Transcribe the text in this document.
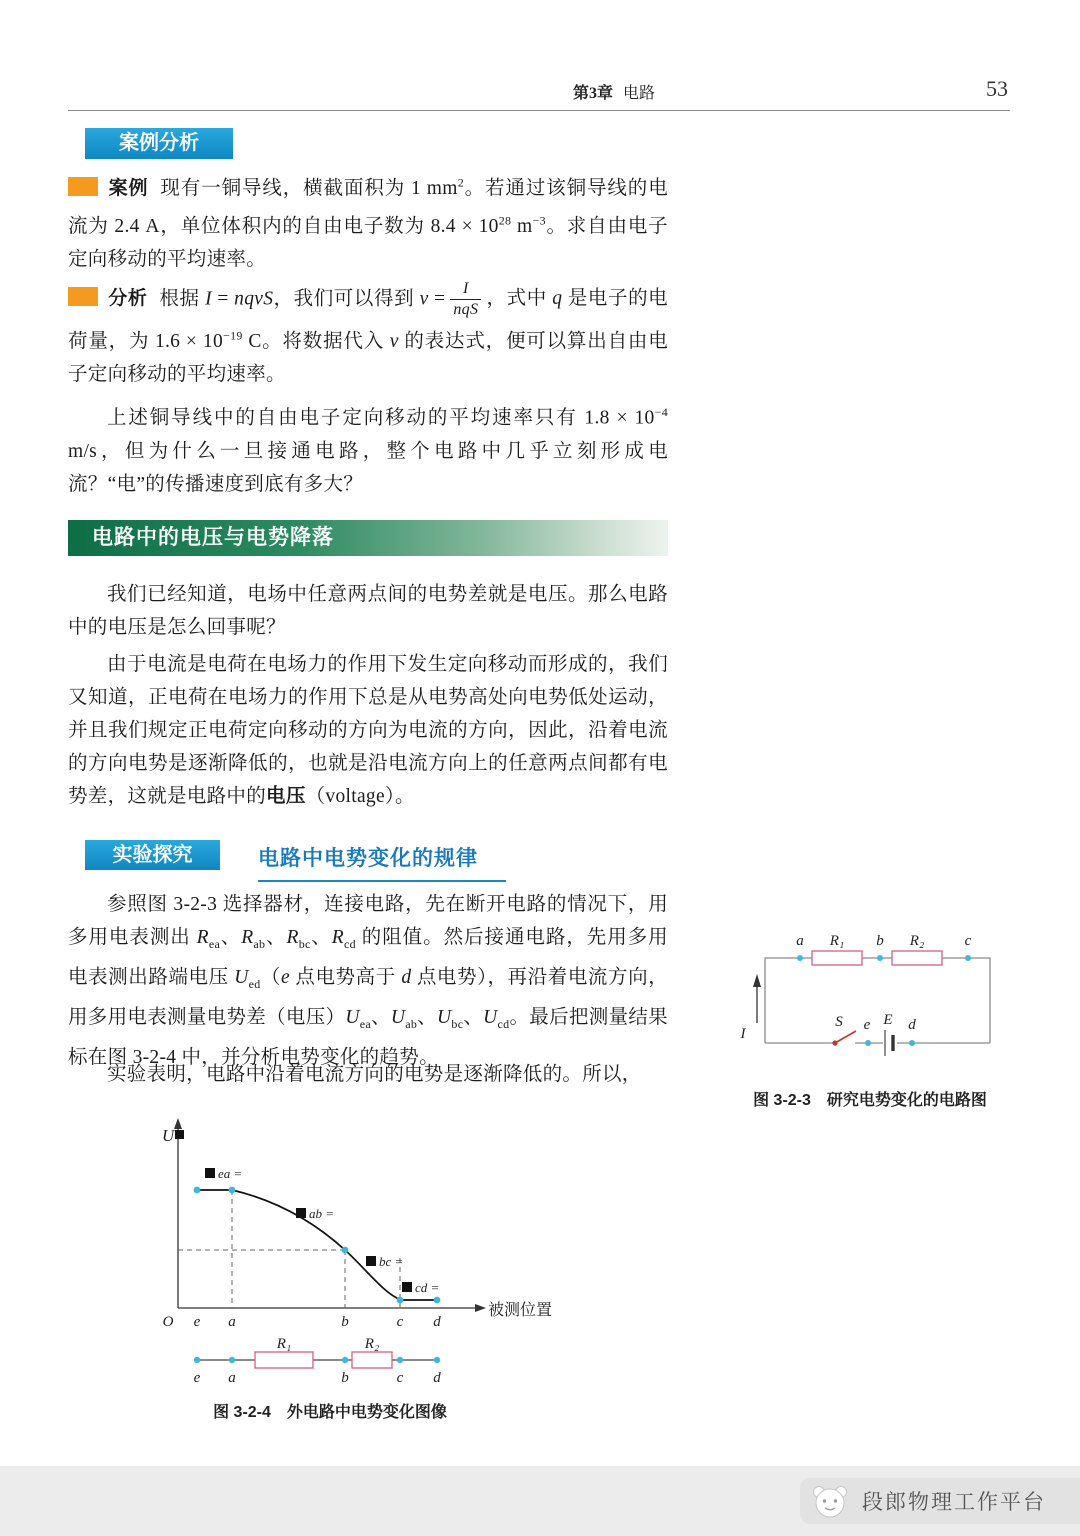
第3章 电路	53
案例分析

案例 现有一铜导线，横截面积为 1 $mm^2$。若通过该铜导线的电流为 2.4 A，单位体积内的自由电子数为 $8.4 \times 10^{28}$ $m^{-3}$。求自由电子定向移动的平均速率。

分析 根据 I = nqvS，我们可以得到 $v = \frac{I}{\text{nqS}}$ ，式中 q 是电子的电荷量，为 $1.6 \times 10^{-19}$ C。将数据代入 v 的表达式，便可以算出自由电子定向移动的平均速率。

上述铜导线中的自由电子定向移动的平均速率只有 $1.8 \times 10^{-4}$ m/s，但为什么一旦接通电路，整个电路中几乎立刻形成电流？“电”的传播速度到底有多大？

电路中的电压与电势降落

我们已经知道，电场中任意两点间的电势差就是电压。那么电路中的电压是怎么回事呢？

由于电流是电荷在电场力的作用下发生定向移动而形成的，我们又知道，正电荷在电场力的作用下总是从电势高处向电势低处运动，并且我们规定正电荷定向移动的方向为电流的方向，因此，沿着电流的方向电势是逐渐降低的，也就是沿电流方向上的任意两点间都有电势差，这就是电路中的电压（voltage）。

实验探究	电路中电势变化的规律

参照图 3-2-3 选择器材，连接电路，先在断开电路的情况下，用多用电表测出 $R_{ea}$、$R_{ab}$、$R_{bc}$、$R_{cd}$ 的阻值。然后接通电路，先用多用电表测出路端电压 $U_{ed}(e$ 点电势高于 d 点电势），再沿着电流方向，用多用电表测量电势差（电压）$U_{ea}$、$U_{ab}$、$U_{bc}$、$U_{cd}$。最后把测量结果标在图 3-2-4 中，并分析电势变化的趋势。

实验表明，电路中沿着电流方向的电势是逐渐降低的。所以，

I
R₁	R₂
a	b	c
S e E d
图 3-2-3　研究电势变化的电路图
U
被测位置
ea =
ab =
bc =
cd =
O e a	b	c d
R₁	R₂
e a	b	c d
图 3-2-4　外电路中电势变化图像
段郎物理工作平台
